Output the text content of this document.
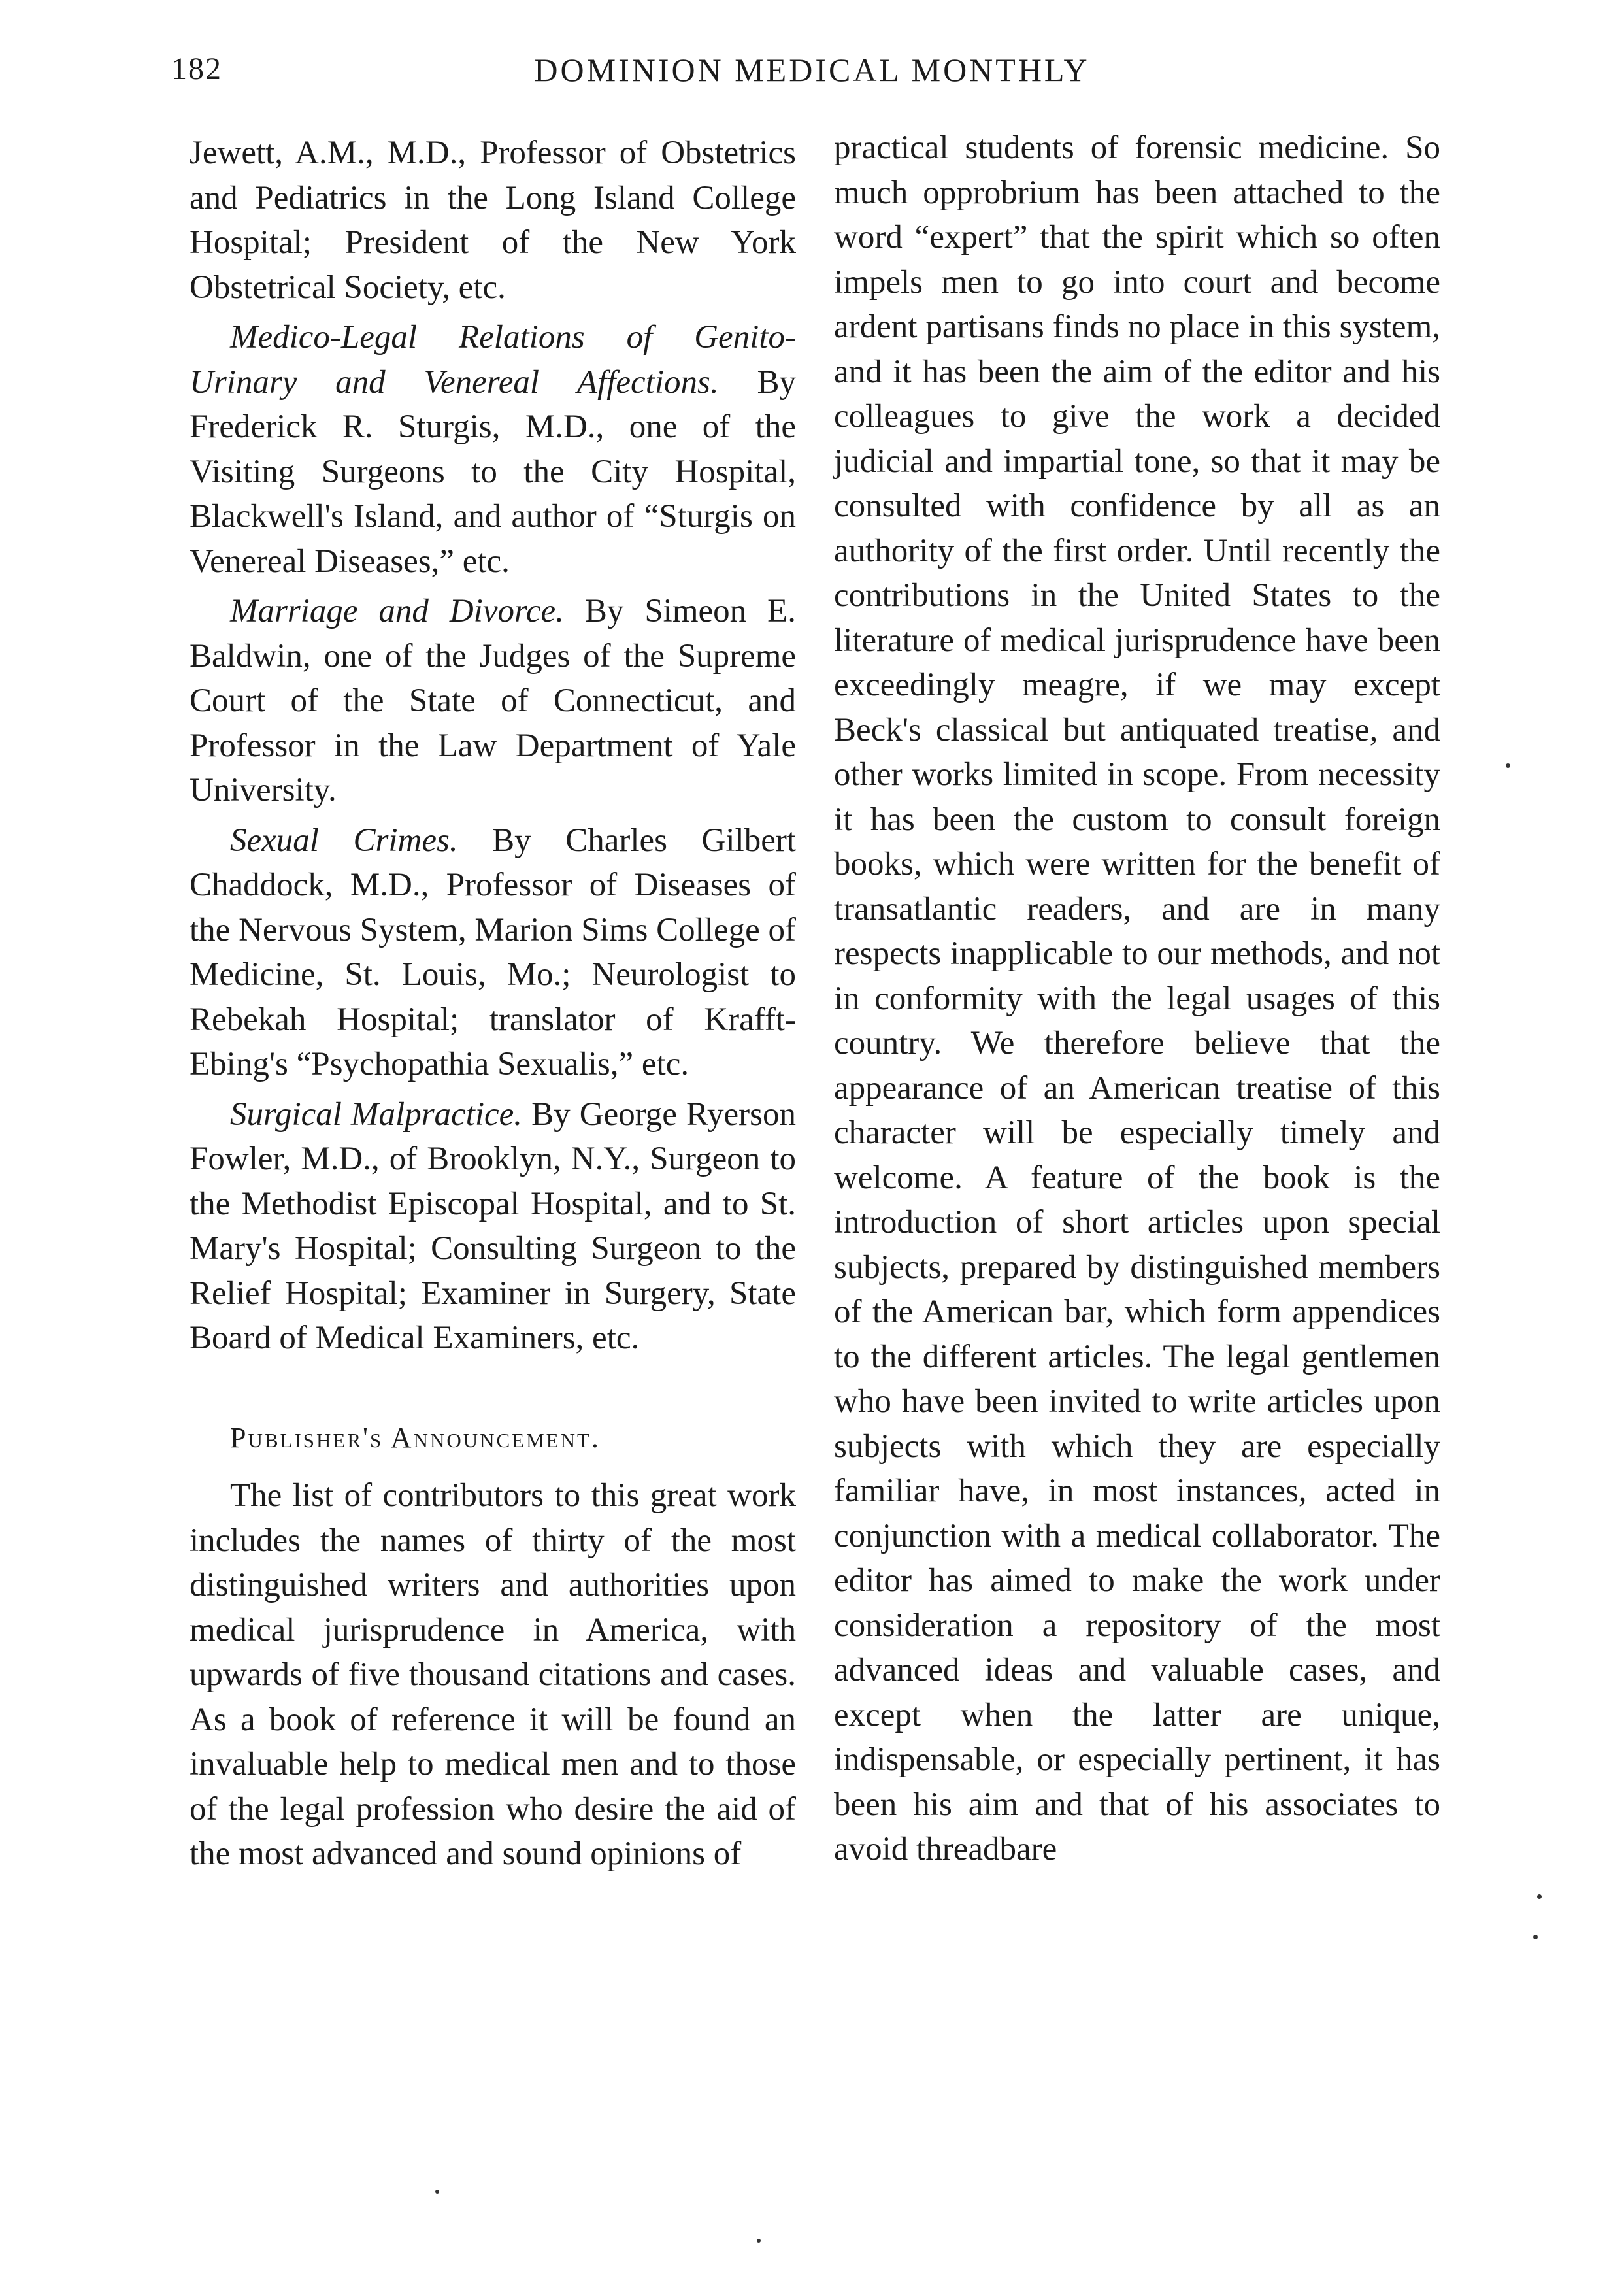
182	DOMINION MEDICAL MONTHLY

Jewett, A.M., M.D., Professor of Obstetrics and Pediatrics in the Long Island College Hospital; President of the New York Obstetrical Society, etc.

Medico-Legal Relations of Genito-Urinary and Venereal Affections. By Frederick R. Sturgis, M.D., one of the Visiting Surgeons to the City Hospital, Blackwell's Island, and author of “Sturgis on Venereal Diseases,” etc.

Marriage and Divorce. By Simeon E. Baldwin, one of the Judges of the Supreme Court of the State of Connecticut, and Professor in the Law Department of Yale University.

Sexual Crimes. By Charles Gilbert Chaddock, M.D., Professor of Diseases of the Nervous System, Marion Sims College of Medicine, St. Louis, Mo.; Neurologist to Rebekah Hospital; translator of Krafft-Ebing's “Psychopathia Sexualis,” etc.

Surgical Malpractice. By George Ryerson Fowler, M.D., of Brooklyn, N.Y., Surgeon to the Methodist Episcopal Hospital, and to St. Mary's Hospital; Consulting Surgeon to the Relief Hospital; Examiner in Surgery, State Board of Medical Examiners, etc.

Publisher's Announcement.

The list of contributors to this great work includes the names of thirty of the most distinguished writers and authorities upon medical jurisprudence in America, with upwards of five thousand citations and cases. As a book of reference it will be found an invaluable help to medical men and to those of the legal profession who desire the aid of the most advanced and sound opinions of

practical students of forensic medicine. So much opprobrium has been attached to the word “expert” that the spirit which so often impels men to go into court and become ardent partisans finds no place in this system, and it has been the aim of the editor and his colleagues to give the work a decided judicial and impartial tone, so that it may be consulted with confidence by all as an authority of the first order. Until recently the contributions in the United States to the literature of medical jurisprudence have been exceedingly meagre, if we may except Beck's classical but antiquated treatise, and other works limited in scope. From necessity it has been the custom to consult foreign books, which were written for the benefit of transatlantic readers, and are in many respects inapplicable to our methods, and not in conformity with the legal usages of this country. We therefore believe that the appearance of an American treatise of this character will be especially timely and welcome. A feature of the book is the introduction of short articles upon special subjects, prepared by distinguished members of the American bar, which form appendices to the different articles. The legal gentlemen who have been invited to write articles upon subjects with which they are especially familiar have, in most instances, acted in conjunction with a medical collaborator. The editor has aimed to make the work under consideration a repository of the most advanced ideas and valuable cases, and except when the latter are unique, indispensable, or especially pertinent, it has been his aim and that of his associates to avoid threadbare
